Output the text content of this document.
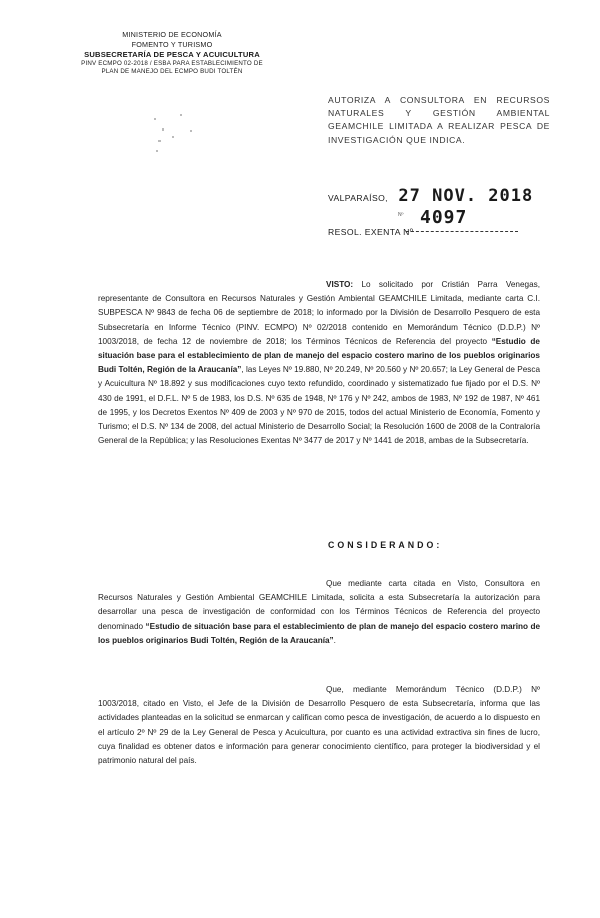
MINISTERIO DE ECONOMÍA
FOMENTO Y TURISMO
SUBSECRETARÍA DE PESCA Y ACUICULTURA
PINV ECMPO 02-2018 / ESBA PARA ESTABLECIMIENTO DE
PLAN DE MANEJO DEL ECMPO BUDI TOLTÉN
AUTORIZA A CONSULTORA EN RECURSOS NATURALES Y GESTIÓN AMBIENTAL GEAMCHILE LIMITADA A REALIZAR PESCA DE INVESTIGACIÓN QUE INDICA.
VALPARAÍSO, 27 NOV. 2018
RESOL. EXENTA Nº
Nº 4097
VISTO: Lo solicitado por Cristián Parra Venegas, representante de Consultora en Recursos Naturales y Gestión Ambiental GEAMCHILE Limitada, mediante carta C.I. SUBPESCA Nº 9843 de fecha 06 de septiembre de 2018; lo informado por la División de Desarrollo Pesquero de esta Subsecretaría en Informe Técnico (PINV. ECMPO) Nº 02/2018 contenido en Memorándum Técnico (D.D.P.) Nº 1003/2018, de fecha 12 de noviembre de 2018; los Términos Técnicos de Referencia del proyecto “Estudio de situación base para el establecimiento de plan de manejo del espacio costero marino de los pueblos originarios Budi Toltén, Región de la Araucanía”, las Leyes Nº 19.880, Nº 20.249, Nº 20.560 y Nº 20.657; la Ley General de Pesca y Acuicultura Nº 18.892 y sus modificaciones cuyo texto refundido, coordinado y sistematizado fue fijado por el D.S. Nº 430 de 1991, el D.F.L. Nº 5 de 1983, los D.S. Nº 635 de 1948, Nº 176 y Nº 242, ambos de 1983, Nº 192 de 1987, Nº 461 de 1995, y los Decretos Exentos Nº 409 de 2003 y Nº 970 de 2015, todos del actual Ministerio de Economía, Fomento y Turismo; el D.S. Nº 134 de 2008, del actual Ministerio de Desarrollo Social; la Resolución 1600 de 2008 de la Contraloría General de la República; y las Resoluciones Exentas Nº 3477 de 2017 y Nº 1441 de 2018, ambas de la Subsecretaría.
CONSIDERANDO:
Que mediante carta citada en Visto, Consultora en Recursos Naturales y Gestión Ambiental GEAMCHILE Limitada, solicita a esta Subsecretaría la autorización para desarrollar una pesca de investigación de conformidad con los Términos Técnicos de Referencia del proyecto denominado “Estudio de situación base para el establecimiento de plan de manejo del espacio costero marino de los pueblos originarios Budi Toltén, Región de la Araucanía”.
Que, mediante Memorándum Técnico (D.D.P.) Nº 1003/2018, citado en Visto, el Jefe de la División de Desarrollo Pesquero de esta Subsecretaría, informa que las actividades planteadas en la solicitud se enmarcan y califican como pesca de investigación, de acuerdo a lo dispuesto en el artículo 2º Nº 29 de la Ley General de Pesca y Acuicultura, por cuanto es una actividad extractiva sin fines de lucro, cuya finalidad es obtener datos e información para generar conocimiento científico, para proteger la biodiversidad y el patrimonio natural del país.
